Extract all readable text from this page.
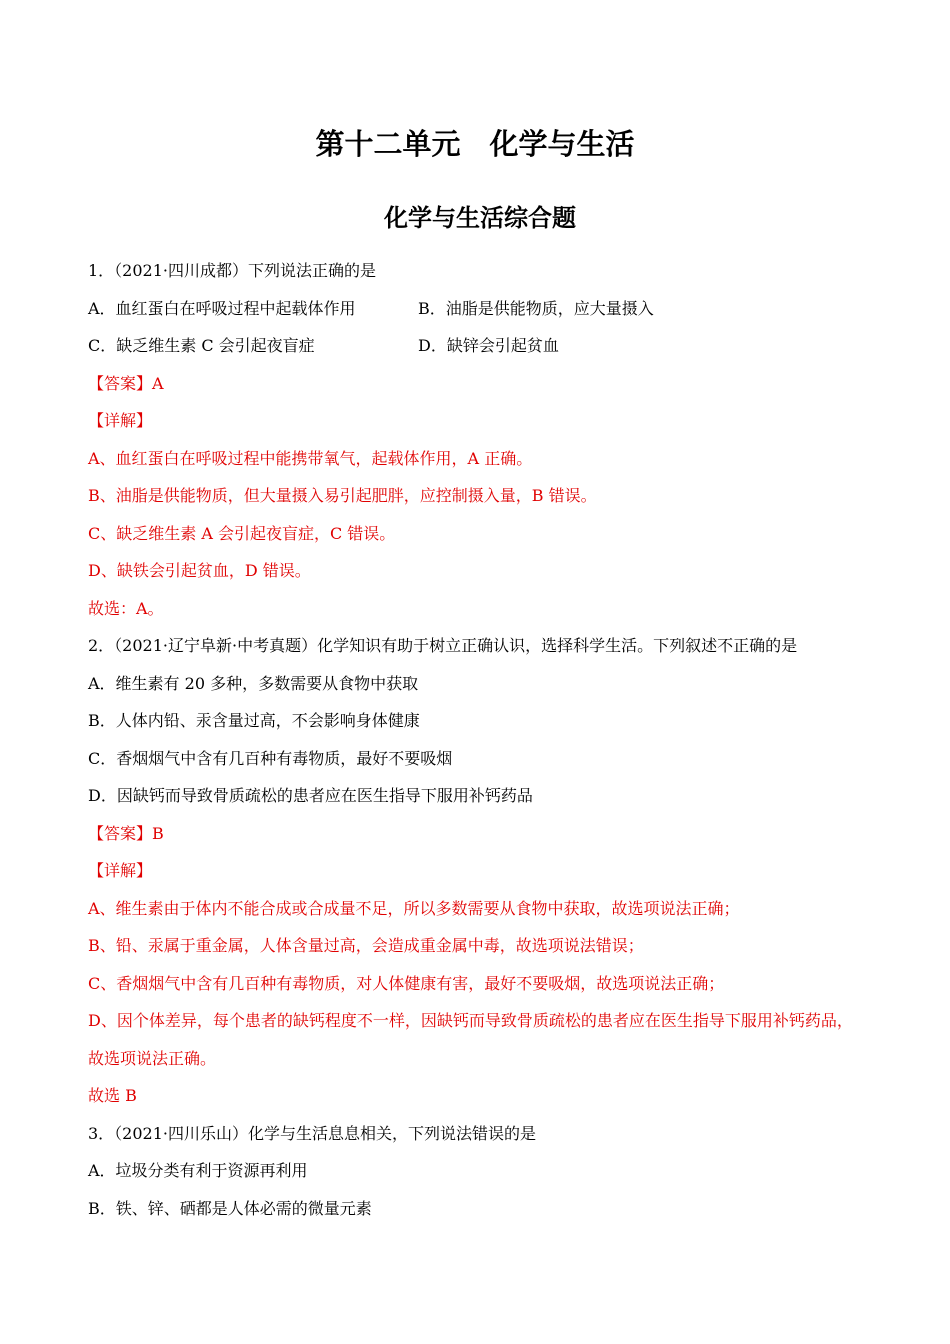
第十二单元　化学与生活
化学与生活综合题
1．（2021·四川成都）下列说法正确的是
A．血红蛋白在呼吸过程中起载体作用	B．油脂是供能物质，应大量摄入
C．缺乏维生素 C 会引起夜盲症	D．缺锌会引起贫血
【答案】A
【详解】
A、血红蛋白在呼吸过程中能携带氧气，起载体作用，A 正确。
B、油脂是供能物质，但大量摄入易引起肥胖，应控制摄入量，B 错误。
C、缺乏维生素 A 会引起夜盲症，C 错误。
D、缺铁会引起贫血，D 错误。
故选：A。
2．（2021·辽宁阜新·中考真题）化学知识有助于树立正确认识，选择科学生活。下列叙述不正确的是
A．维生素有 20 多种，多数需要从食物中获取
B．人体内铅、汞含量过高，不会影响身体健康
C．香烟烟气中含有几百种有毒物质，最好不要吸烟
D．因缺钙而导致骨质疏松的患者应在医生指导下服用补钙药品
【答案】B
【详解】
A、维生素由于体内不能合成或合成量不足，所以多数需要从食物中获取，故选项说法正确；
B、铅、汞属于重金属，人体含量过高，会造成重金属中毒，故选项说法错误；
C、香烟烟气中含有几百种有毒物质，对人体健康有害，最好不要吸烟，故选项说法正确；
D、因个体差异，每个患者的缺钙程度不一样，因缺钙而导致骨质疏松的患者应在医生指导下服用补钙药品，故选项说法正确。
故选 B
3．（2021·四川乐山）化学与生活息息相关，下列说法错误的是
A．垃圾分类有利于资源再利用
B．铁、锌、硒都是人体必需的微量元素
